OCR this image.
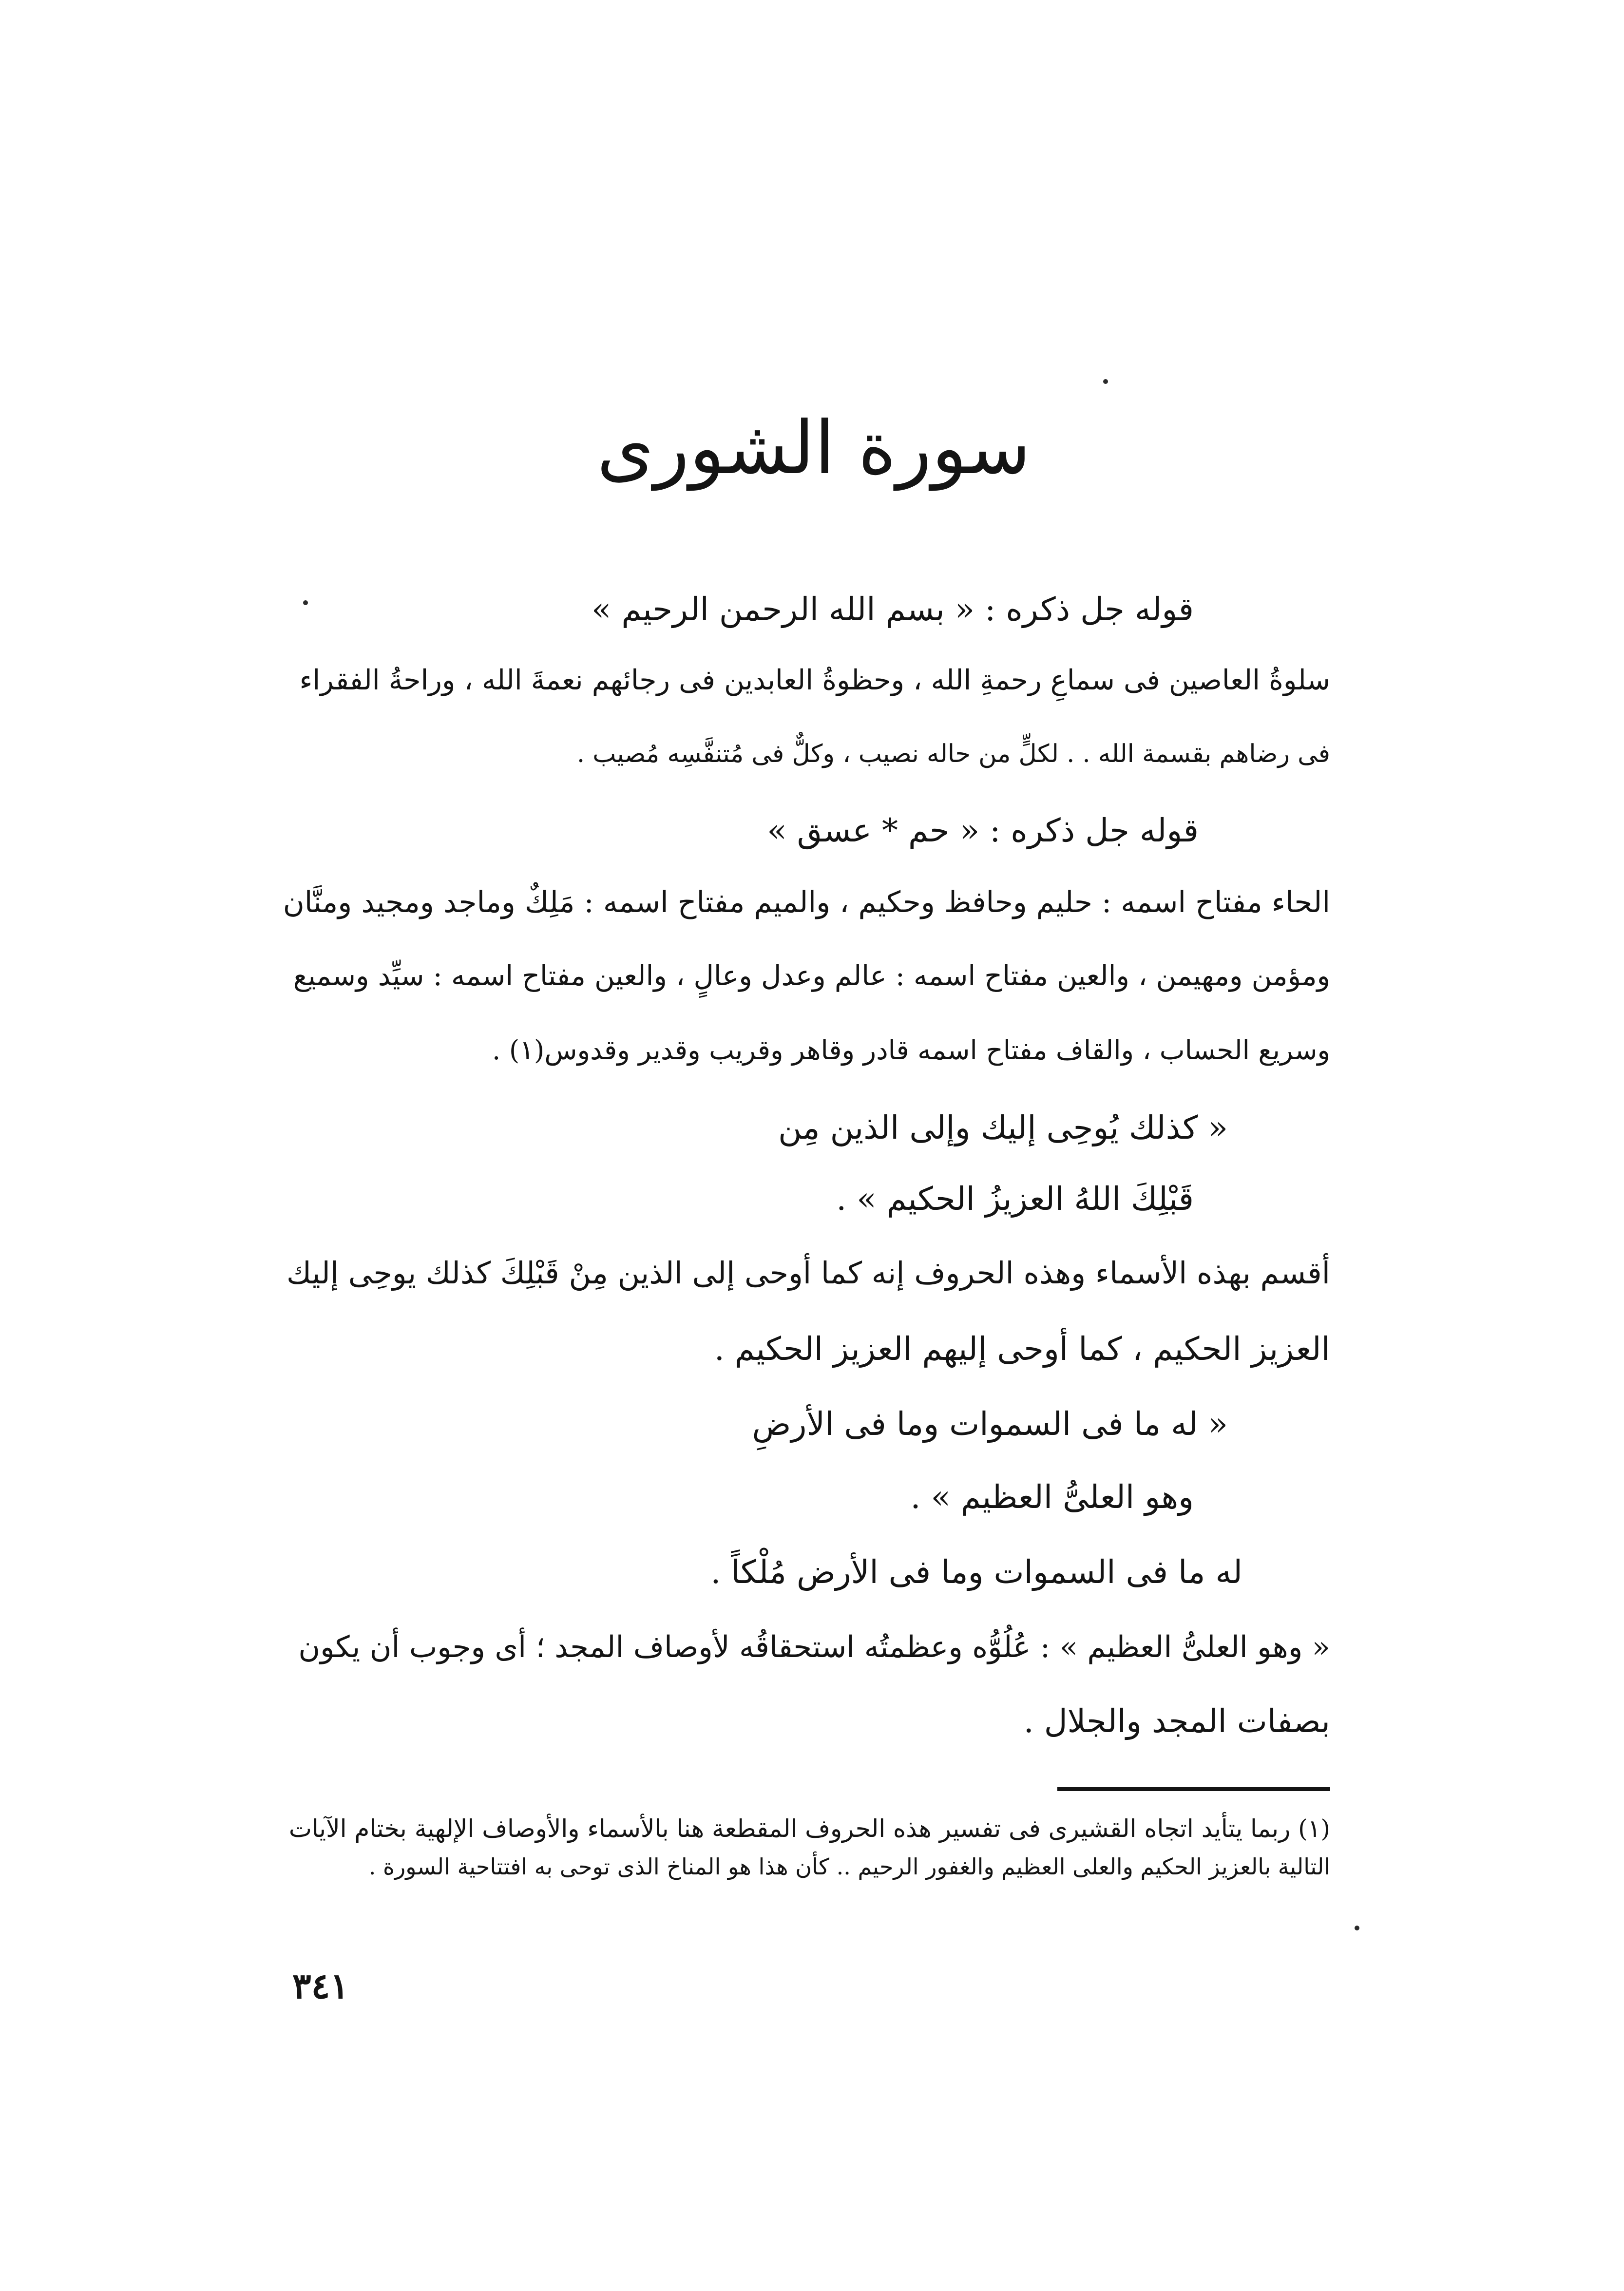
سورة الشورى
قوله جل ذكره : « بسم الله الرحمن الرحيم »
سلوةُ العاصين فى سماعِ رحمةِ الله ، وحظوةُ العابدين فى رجائهم نعمةَ الله ، وراحةُ الفقراء
فى رضاهم بقسمة الله . . لكلٍّ من حاله نصيب ، وكلٌّ فى مُتنفَّسِه مُصيب .
قوله جل ذكره : « حم * عسق »
الحاء مفتاح اسمه : حليم وحافظ وحكيم ، والميم مفتاح اسمه : مَلِكٌ وماجد ومجيد ومنَّان
ومؤمن ومهيمن ، والعين مفتاح اسمه : عالم وعدل وعالٍ ، والعين مفتاح اسمه : سيِّد وسميع
وسريع الحساب ، والقاف مفتاح اسمه قادر وقاهر وقريب وقدير وقدوس(١) .
« كذلك يُوحِى إليك وإلى الذين مِن
قَبْلِكَ اللهُ العزيزُ الحكيم » .
أقسم بهذه الأسماء وهذه الحروف إنه كما أوحى إلى الذين مِنْ قَبْلِكَ كذلك يوحِى إليك
العزيز الحكيم ، كما أوحى إليهم العزيز الحكيم .
« له ما فى السموات وما فى الأرضِ
وهو العلىُّ العظيم » .
له ما فى السموات وما فى الأرض مُلْكاً .
« وهو العلىُّ العظيم » : عُلُوُّه وعظمتُه استحقاقُه لأوصاف المجد ؛ أى وجوب أن يكون
بصفات المجد والجلال .
(١) ربما يتأيد اتجاه القشيرى فى تفسير هذه الحروف المقطعة هنا بالأسماء والأوصاف الإلهية بختام الآيات
التالية بالعزيز الحكيم والعلى العظيم والغفور الرحيم .. كأن هذا هو المناخ الذى توحى به افتتاحية السورة .
٣٤١
